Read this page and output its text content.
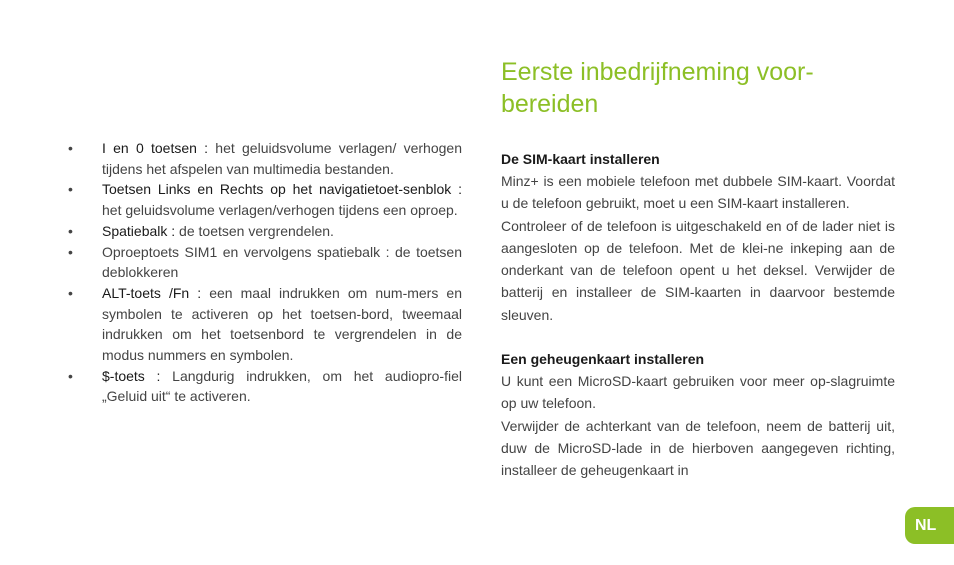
• I en 0 toetsen : het geluidsvolume verlagen/ verhogen tijdens het afspelen van multimedia bestanden.
• Toetsen Links en Rechts op het navigatietoet-senblok : het geluidsvolume verlagen/verhogen tijdens een oproep.
• Spatiebalk : de toetsen vergrendelen.
• Oproeptoets SIM1 en vervolgens spatiebalk : de toetsen deblokkeren
• ALT-toets /Fn : een maal indrukken om num-mers en symbolen te activeren op het toetsen-bord, tweemaal indrukken om het toetsenbord te vergrendelen in de modus nummers en symbolen.
• $-toets : Langdurig indrukken, om het audiopro-fiel „Geluid uit“ te activeren.
Eerste inbedrijfneming voor-bereiden
De SIM-kaart installeren

Minz+ is een mobiele telefoon met dubbele SIM-kaart. Voordat u de telefoon gebruikt, moet u een SIM-kaart installeren.

Controleer of de telefoon is uitgeschakeld en of de lader niet is aangesloten op de telefoon. Met de klei-ne inkeping aan de onderkant van de telefoon opent u het deksel. Verwijder de batterij en installeer de SIM-kaarten in daarvoor bestemde sleuven.

Een geheugenkaart installeren

U kunt een MicroSD-kaart gebruiken voor meer op-slagruimte op uw telefoon.

Verwijder de achterkant van de telefoon, neem de batterij uit, duw de MicroSD-lade in de hierboven aangegeven richting, installeer de geheugenkaart in

NL
